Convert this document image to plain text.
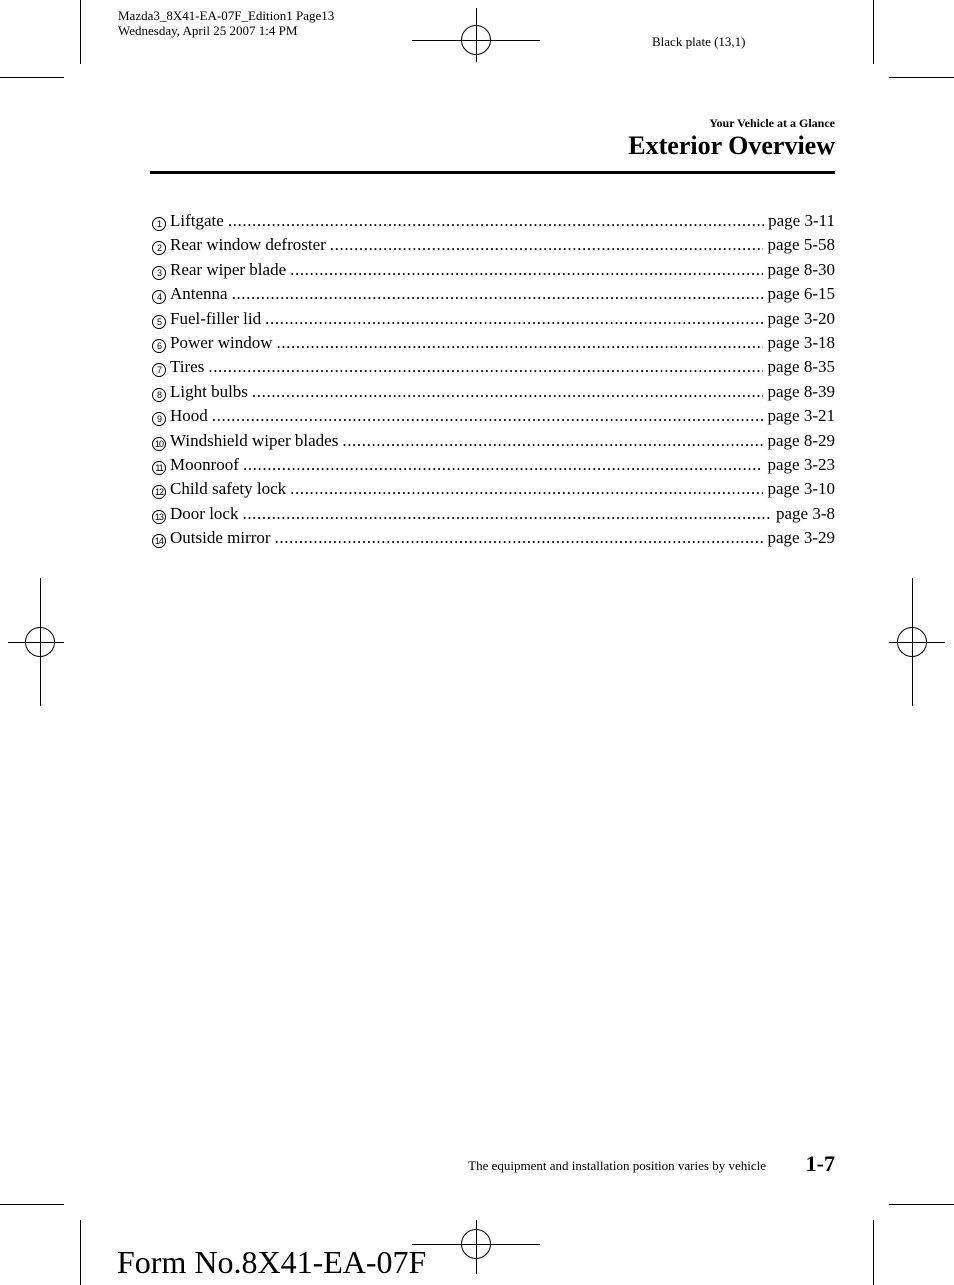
Mazda3_8X41-EA-07F_Edition1 Page13
Wednesday, April 25 2007 1:4 PM
Black plate (13,1)
Your Vehicle at a Glance
Exterior Overview
1 Liftgate .....	page 3-11
2 Rear window defroster .....	page 5-58
3 Rear wiper blade .....	page 8-30
4 Antenna .....	page 6-15
5 Fuel-filler lid .....	page 3-20
6 Power window .....	page 3-18
7 Tires .....	page 8-35
8 Light bulbs .....	page 8-39
9 Hood .....	page 3-21
10 Windshield wiper blades .....	page 8-29
11 Moonroof .....	page 3-23
12 Child safety lock .....	page 3-10
13 Door lock .....	page 3-8
14 Outside mirror .....	page 3-29
The equipment and installation position varies by vehicle 1-7
Form No.8X41-EA-07F
